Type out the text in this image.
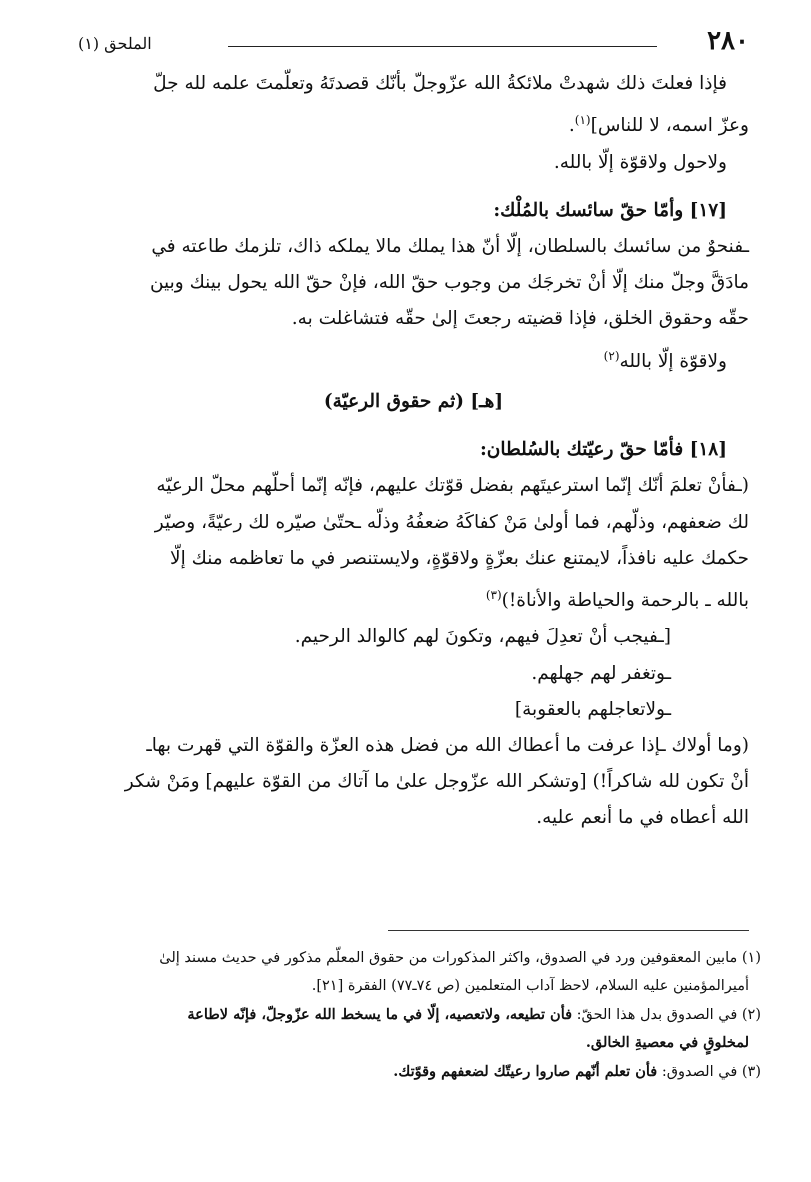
٢٨٠
الملحق (١)

فإذا فعلتَ ذلك شهدتْ ملائكةُ الله عزّوجلّ بأنّك قصدتَهُ وتعلّمتَ علمه لله جلّ

وعزّ اسمه، لا للناس]$^{(١)}$.

ولاحول ولاقوّة إلّا بالله.

[١٧] وأمّا حقّ سائسك بالمُلْك:

ـفنحوٌ من سائسك بالسلطان، إلّا أنّ هذا يملك مالا يملكه ذاك، تلزمك طاعته في

مادَقَّ وجلّ منك إلّا أنْ تخرجَك من وجوب حقّ الله، فإنْ حقّ الله يحول بينك وبين

حقّه وحقوق الخلق، فإذا قضيته رجعتَ إلىٰ حقّه فتشاغلت به.

ولاقوّة إلّا بالله$^{(٢)}$

[هـ] (ثم حقوق الرعيّة)

[١٨] فأمّا حقّ رعيّتك بالسُلطان:

(ـفأنْ تعلمَ أنّك إنّما استرعيتَهم بفضل قوّتك عليهم، فإنّه إنّما أحلّهم محلّ الرعيّه

لك ضعفهم، وذلّهم، فما أولىٰ مَنْ كفاكَهُ ضعفُهُ وذلّه ـحتّىٰ صيّره لك رعيّةً، وصيّر

حكمك عليه نافذاً، لايمتنع عنك بعزّةٍ ولاقوّةٍ، ولايستنصر في ما تعاظمه منك إلّا

بالله ـ بالرحمة والحياطة والأناة!)$^{(٣)}$

[ـفيجب أنْ تعدِلَ فيهم، وتكونَ لهم كالوالد الرحيم.

ـوتغفر لهم جهلهم.

ـولاتعاجلهم بالعقوبة]

(وما أولاك ـإذا عرفت ما أعطاك الله من فضل هذه العزّة والقوّة التي قهرت بهاـ

أنْ تكون لله شاكراً!) [وتشكر الله عزّوجل علىٰ ما آتاك من القوّة عليهم] ومَنْ شكر

الله أعطاه في ما أنعم عليه.

(١) مابين المعقوفين ورد في الصدوق، واكثر المذكورات من حقوق المعلّم مذكور في حديث مسند إلىٰ

أميرالمؤمنين عليه السلام، لاحظ آداب المتعلمين (ص ٧٤ـ٧٧) الفقرة [٢١].

(٢) في الصدوق بدل هذا الحقّ: فأن تطيعه، ولاتعصيه، إلّا في ما يسخط الله عزّوجلّ، فإنّه لاطاعة

لمخلوقٍ في معصيةِ الخالق.

(٣) في الصدوق: فأن تعلم أنّهم صاروا رعيتّك لضعفهم وقوّتك.
